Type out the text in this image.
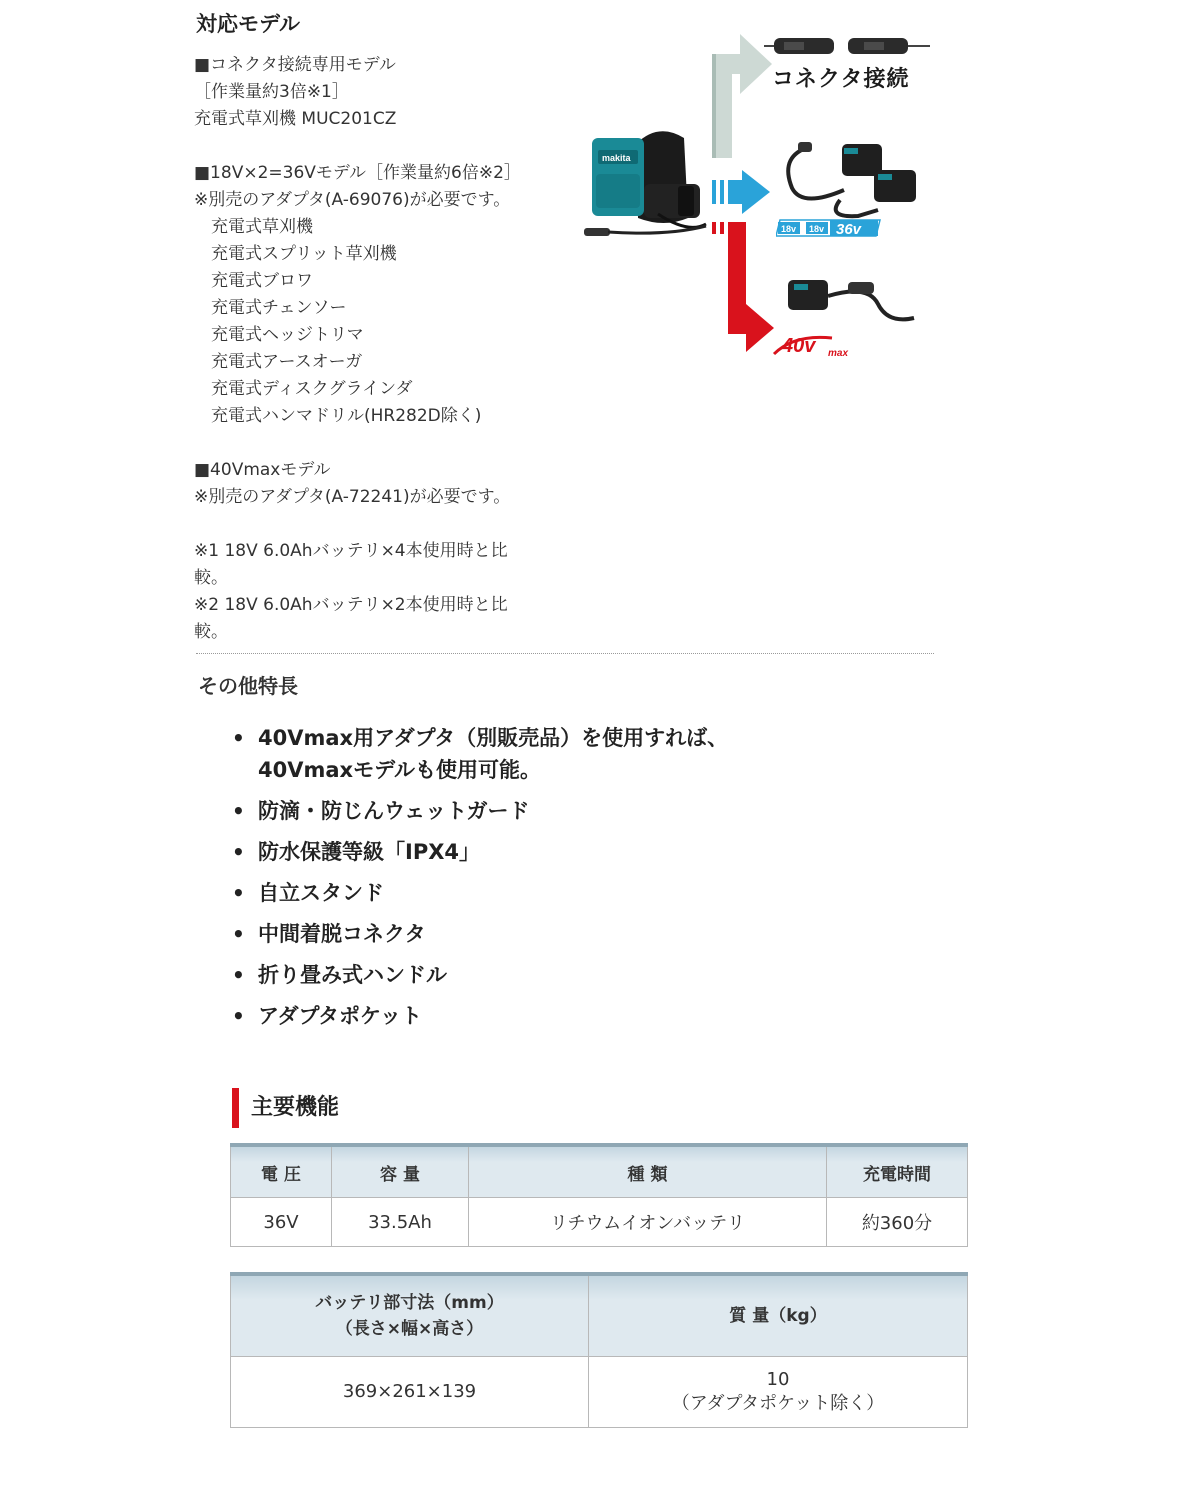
対応モデル
■コネクタ接続専用モデル
［作業量約3倍※1］
充電式草刈機 MUC201CZ
■18V×2=36Vモデル［作業量約6倍※2］
※別売のアダプタ(A-69076)が必要です。
充電式草刈機
充電式スプリット草刈機
充電式ブロワ
充電式チェンソー
充電式ヘッジトリマ
充電式アースオーガ
充電式ディスクグラインダ
充電式ハンマドリル(HR282D除く)
■40Vmaxモデル
※別売のアダプタ(A-72241)が必要です。
※1 18V 6.0Ahバッテリ×4本使用時と比
較。
※2 18V 6.0Ahバッテリ×2本使用時と比
較。
makita
コネクタ接続
18v 18v 36v
40v max
その他特長
• 40Vmax用アダプタ（別販売品）を使用すれば、
40Vmaxモデルも使用可能。
• 防滴・防じんウェットガード
• 防水保護等級「IPX4」
• 自立スタンド
• 中間着脱コネクタ
• 折り畳み式ハンドル
• アダプタポケット
主要機能
電 圧	容 量	種 類	充電時間
36V	33.5Ah	リチウムイオンバッテリ	約360分
バッテリ部寸法（mm）
（長さ×幅×高さ）	質 量（kg）

369×261×139	10
（アダプタポケット除く）
